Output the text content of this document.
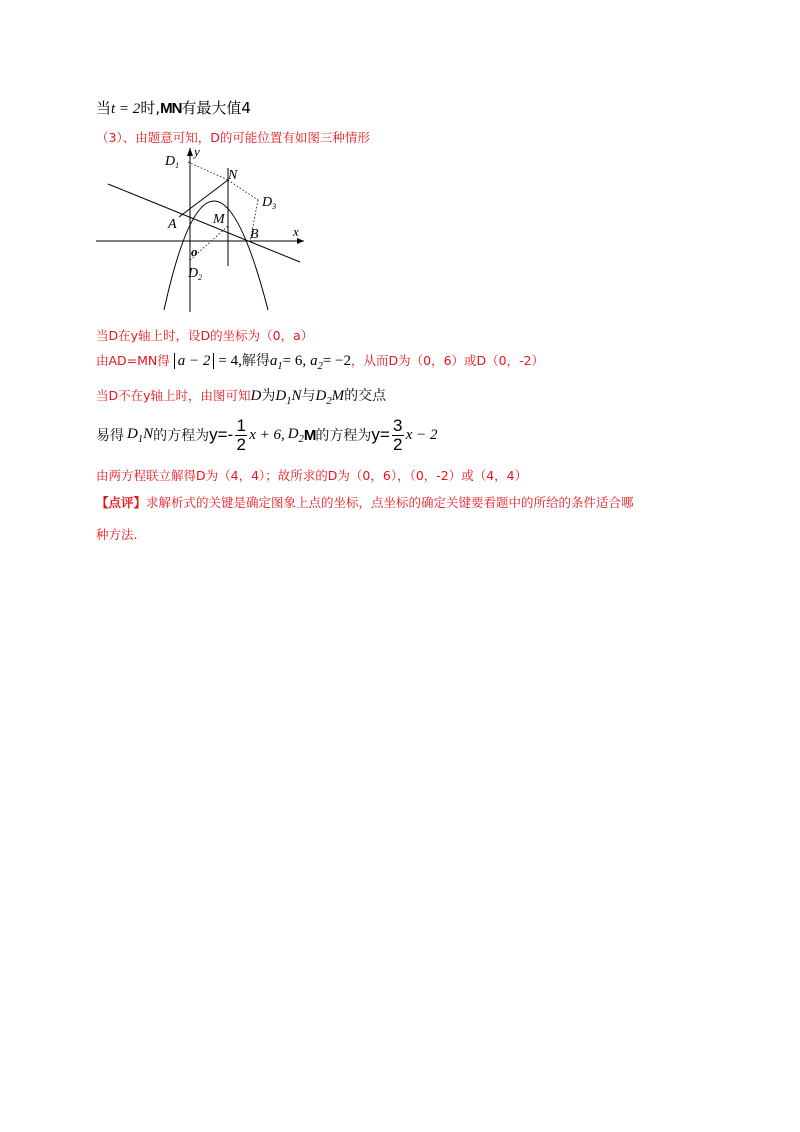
当t = 2时,MN有最大值4
（3）、由题意可知，D的可能位置有如图三种情形
$D_1$
y
N
$D_3$
A	M
B	x
o
$D_2$
当D在y轴上时，设D的坐标为（0，a）
由AD=MN得 a − 2 = 4,解得$a_1= 6$, $a_2= -2$，从而D为（0，6）或D（0，-2）
当D不在y轴上时，由图可知D为$D_1N$与$D_2M$的交点
易得 $D_1N$ 的方程为 $y=- \frac{1}{2}$ x + 6, $D_2$ M 的方程为 $y= \frac{3}{2}$ x − 2
由两方程联立解得D为（4，4）；故所求的D为（0，6），（0，-2）或（4，4）
【点评】求解析式的关键是确定图象上点的坐标，点坐标的确定关键要看题中的所给的条件适合哪
种方法.
